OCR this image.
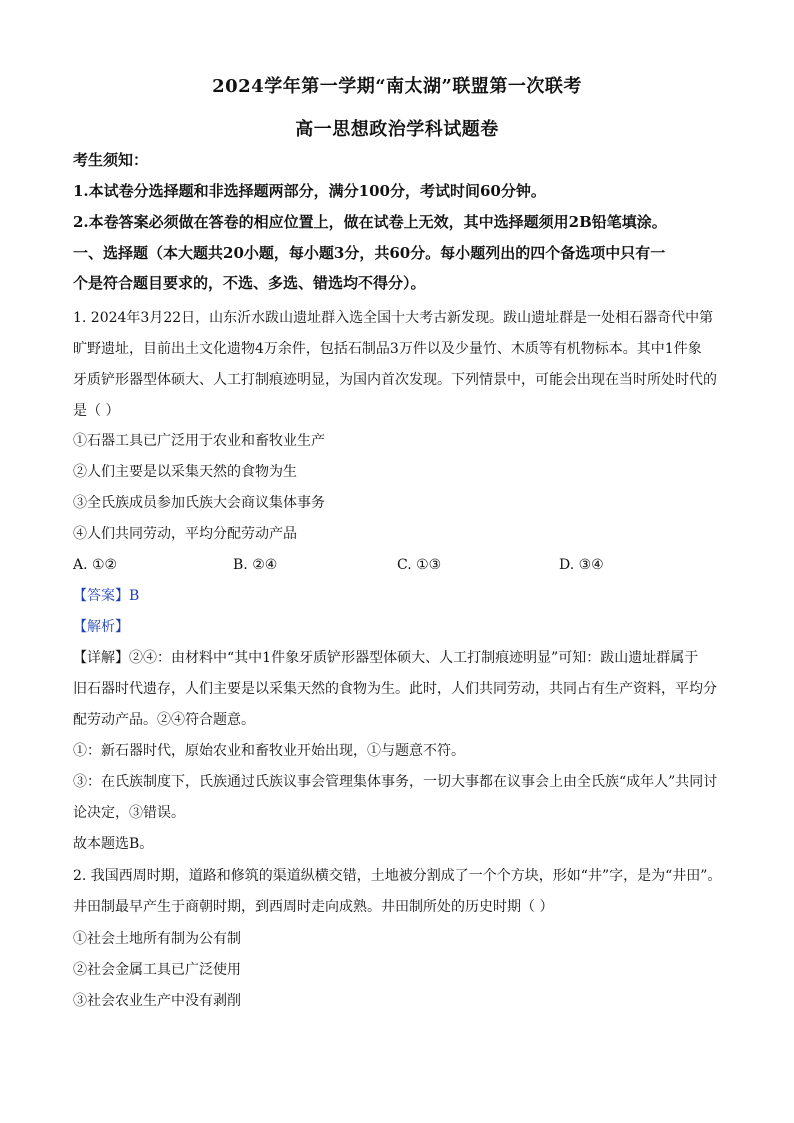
2024学年第一学期“南太湖”联盟第一次联考
高一思想政治学科试题卷
考生须知：
1.本试卷分选择题和非选择题两部分，满分100分，考试时间60分钟。
2.本卷答案必须做在答卷的相应位置上，做在试卷上无效，其中选择题须用2B铅笔填涂。
一、选择题（本大题共20小题，每小题3分，共60分。每小题列出的四个备选项中只有一
个是符合题目要求的，不选、多选、错选均不得分）。
1. 2024年3月22日，山东沂水跋山遗址群入选全国十大考古新发现。跋山遗址群是一处相石器奇代中第
旷野遗址，目前出土文化遗物4万余件，包括石制品3万件以及少量竹、木质等有机物标本。其中1件象
牙质铲形器型体硕大、人工打制痕迹明显，为国内首次发现。下列情景中，可能会出现在当时所处时代的
是（ ）
①石器工具已广泛用于农业和畜牧业生产
②人们主要是以采集天然的食物为生
③全氏族成员参加氏族大会商议集体事务
④人们共同劳动，平均分配劳动产品
A. ①②	B. ②④	C. ①③	D. ③④
【答案】B
【解析】
【详解】②④：由材料中“其中1件象牙质铲形器型体硕大、人工打制痕迹明显”可知：跋山遗址群属于
旧石器时代遗存，人们主要是以采集天然的食物为生。此时，人们共同劳动，共同占有生产资料，平均分
配劳动产品。②④符合题意。
①：新石器时代，原始农业和畜牧业开始出现，①与题意不符。
③：在氏族制度下，氏族通过氏族议事会管理集体事务，一切大事都在议事会上由全氏族“成年人”共同讨
论决定，③错误。
故本题选B。
2. 我国西周时期，道路和修筑的渠道纵横交错，土地被分割成了一个个方块，形如“井”字，是为“井田”。
井田制最早产生于商朝时期，到西周时走向成熟。井田制所处的历史时期（ ）
①社会土地所有制为公有制
②社会金属工具已广泛使用
③社会农业生产中没有剥削
